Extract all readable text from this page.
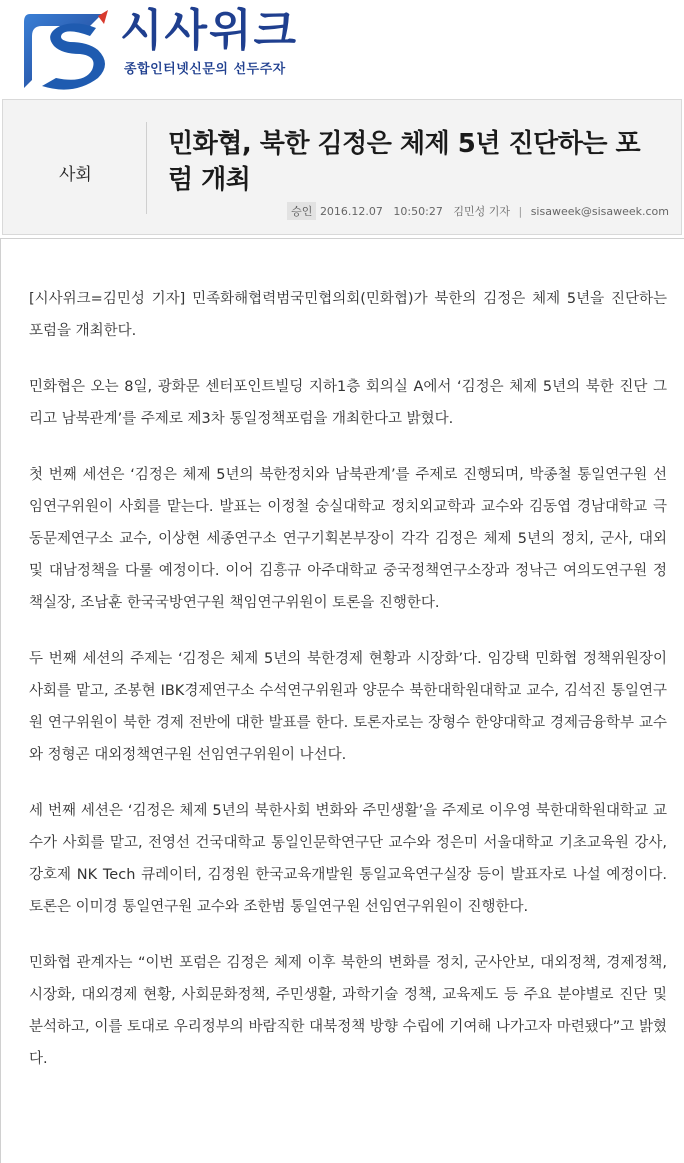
시사위크
종합인터넷신문의 선두주자
사회
민화협, 북한 김정은 체제 5년 진단하는 포럼 개최
승인 2016.12.07 10:50:27 김민성 기자 | sisaweek@sisaweek.com

[시사위크=김민성 기자] 민족화해협력범국민협의회(민화협)가 북한의 김정은 체제 5년을 진단하는 포럼을 개최한다.

민화협은 오는 8일, 광화문 센터포인트빌딩 지하1층 회의실 A에서 ‘김정은 체제 5년의 북한 진단 그리고 남북관계’를 주제로 제3차 통일정책포럼을 개최한다고 밝혔다.

첫 번째 세션은 ‘김정은 체제 5년의 북한정치와 남북관계’를 주제로 진행되며, 박종철 통일연구원 선임연구위원이 사회를 맡는다. 발표는 이정철 숭실대학교 정치외교학과 교수와 김동엽 경남대학교 극동문제연구소 교수, 이상현 세종연구소 연구기획본부장이 각각 김정은 체제 5년의 정치, 군사, 대외 및 대남정책을 다룰 예정이다. 이어 김흥규 아주대학교 중국정책연구소장과 정낙근 여의도연구원 정책실장, 조남훈 한국국방연구원 책임연구위원이 토론을 진행한다.

두 번째 세션의 주제는 ‘김정은 체제 5년의 북한경제 현황과 시장화’다. 임강택 민화협 정책위원장이 사회를 맡고, 조봉현 IBK경제연구소 수석연구위원과 양문수 북한대학원대학교 교수, 김석진 통일연구원 연구위원이 북한 경제 전반에 대한 발표를 한다. 토론자로는 장형수 한양대학교 경제금융학부 교수와 정형곤 대외정책연구원 선임연구위원이 나선다.

세 번째 세션은 ‘김정은 체제 5년의 북한사회 변화와 주민생활’을 주제로 이우영 북한대학원대학교 교수가 사회를 맡고, 전영선 건국대학교 통일인문학연구단 교수와 정은미 서울대학교 기초교육원 강사, 강호제 NK Tech 큐레이터, 김정원 한국교육개발원 통일교육연구실장 등이 발표자로 나설 예정이다. 토론은 이미경 통일연구원 교수와 조한범 통일연구원 선임연구위원이 진행한다.

민화협 관계자는 “이번 포럼은 김정은 체제 이후 북한의 변화를 정치, 군사안보, 대외정책, 경제정책, 시장화, 대외경제 현황, 사회문화정책, 주민생활, 과학기술 정책, 교육제도 등 주요 분야별로 진단 및 분석하고, 이를 토대로 우리정부의 바람직한 대북정책 방향 수립에 기여해 나가고자 마련됐다”고 밝혔다.
